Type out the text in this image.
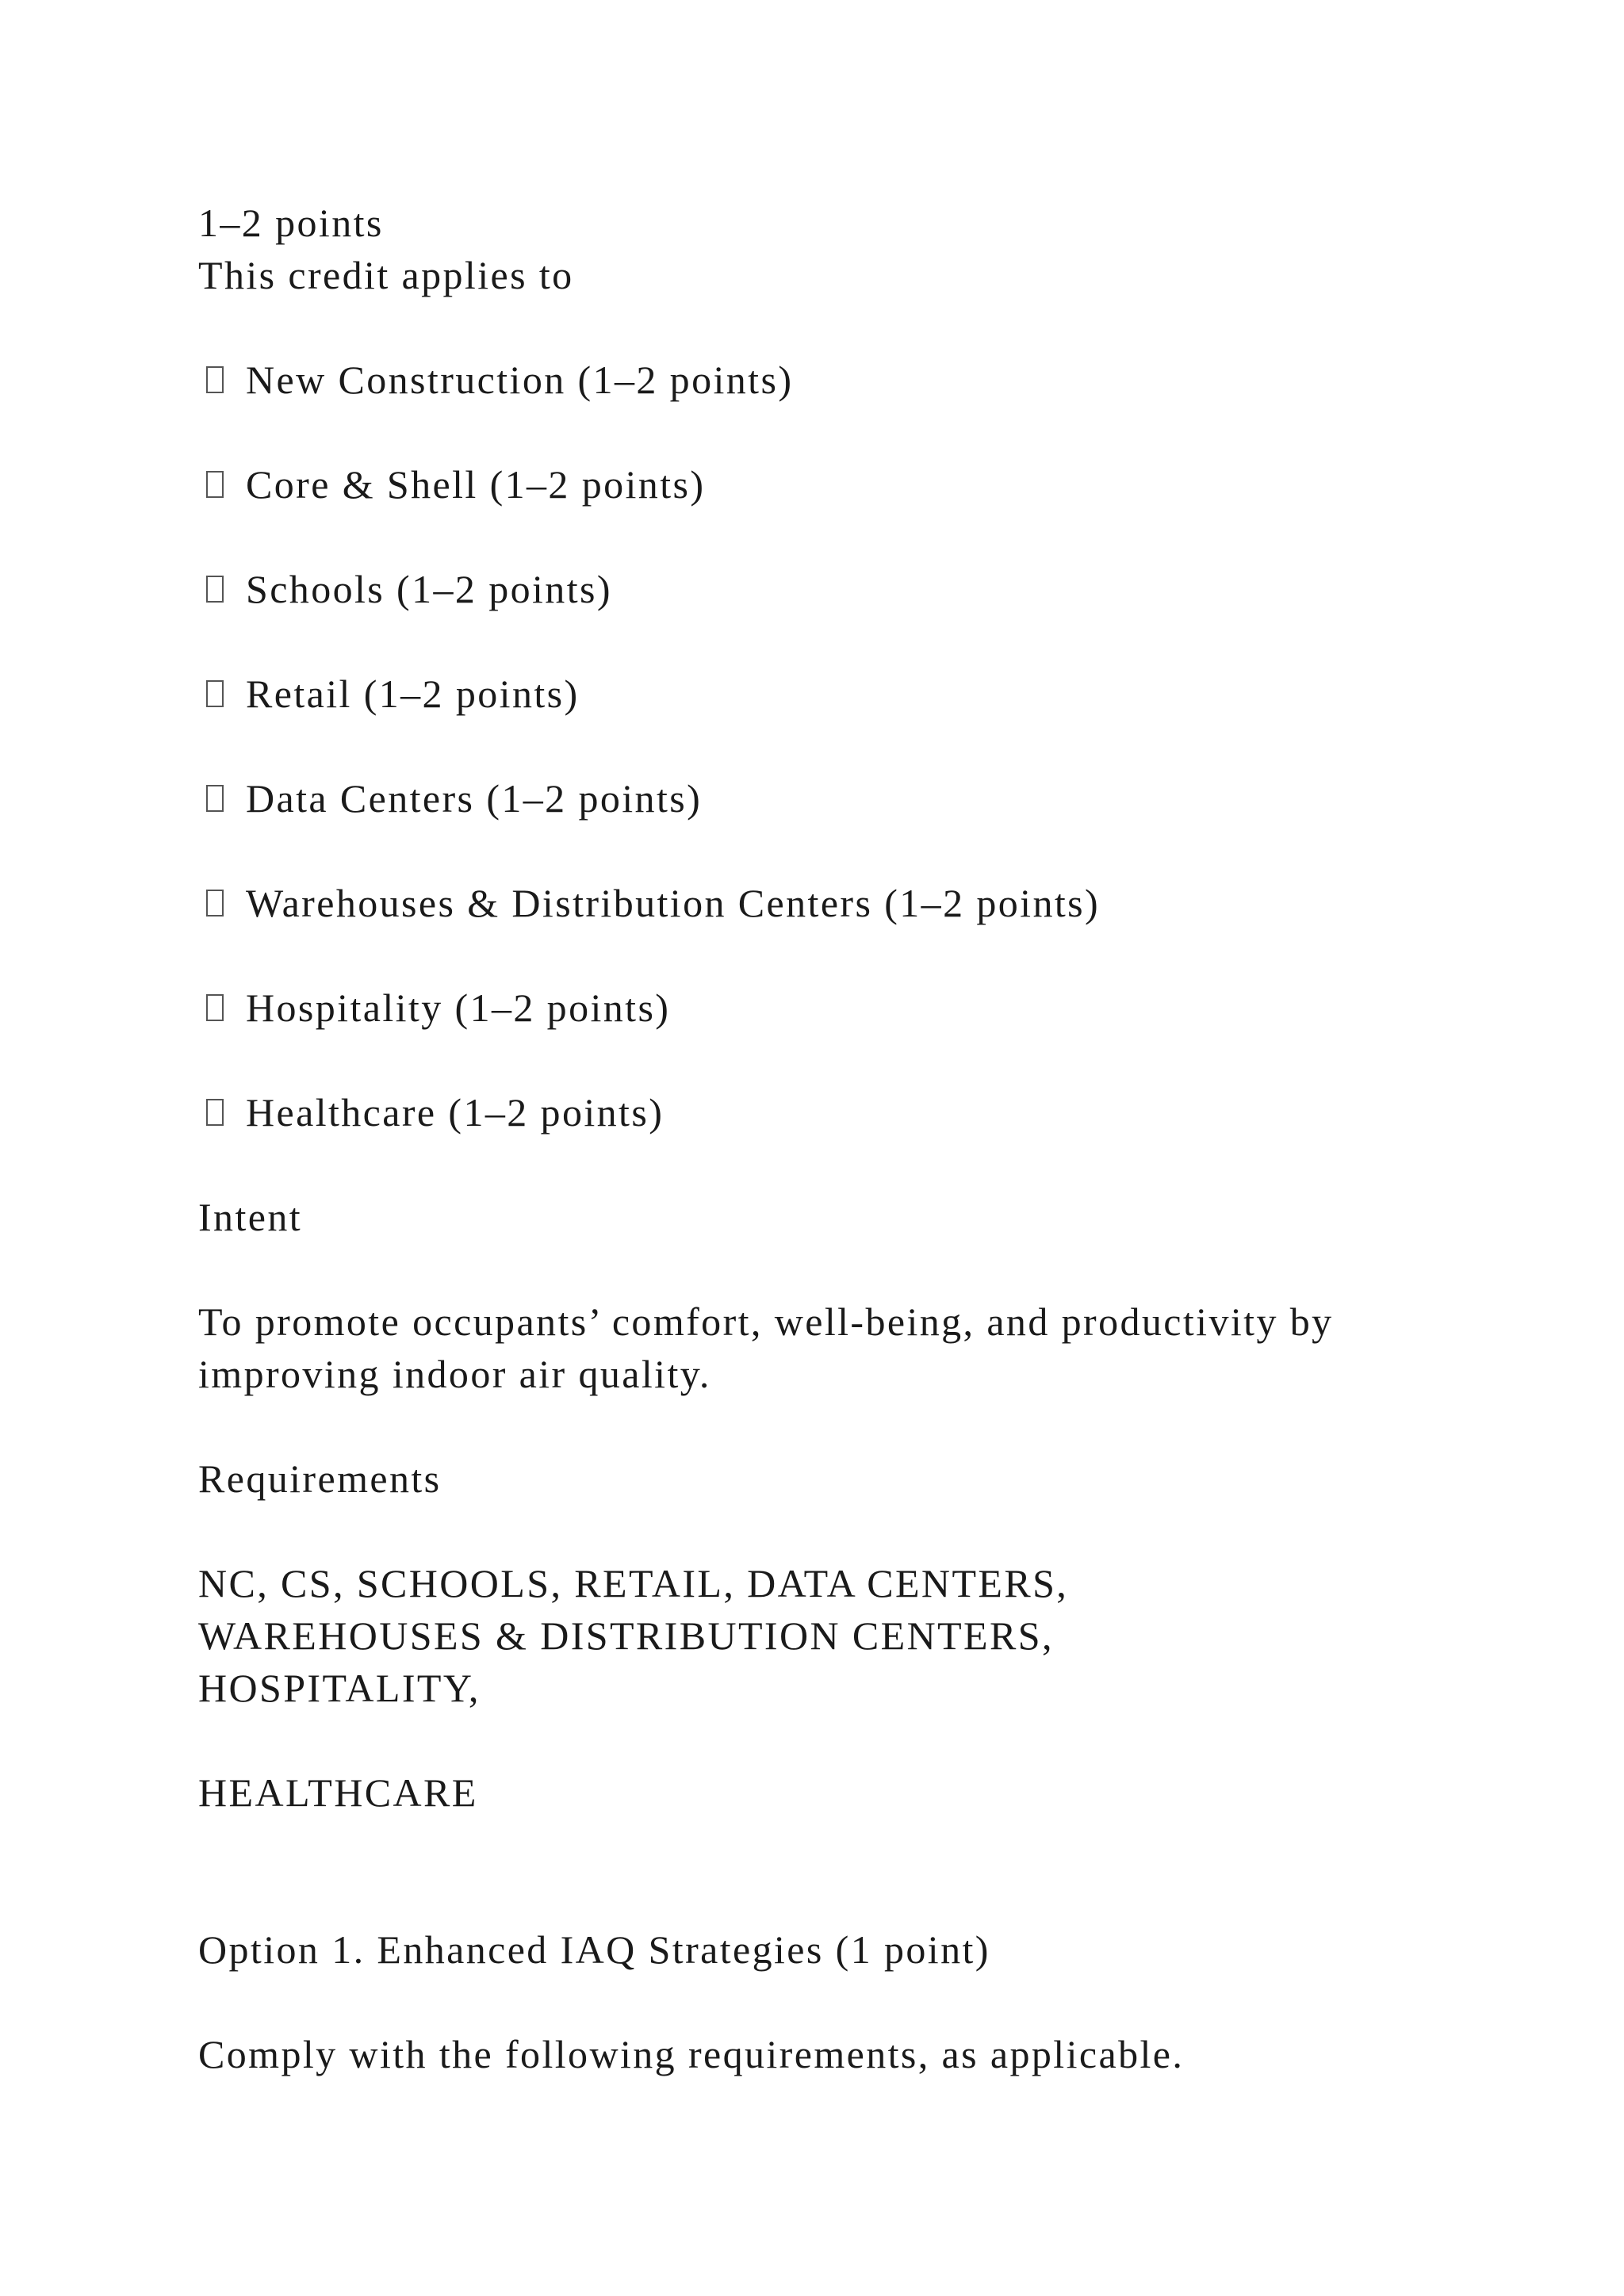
1–2 points
This credit applies to
New Construction (1–2 points)
Core & Shell (1–2 points)
Schools (1–2 points)
Retail (1–2 points)
Data Centers (1–2 points)
Warehouses & Distribution Centers (1–2 points)
Hospitality (1–2 points)
Healthcare (1–2 points)
Intent
To promote occupants’ comfort, well-being, and productivity by
improving indoor air quality.
Requirements
NC, CS, SCHOOLS, RETAIL, DATA CENTERS,
WAREHOUSES & DISTRIBUTION CENTERS,
HOSPITALITY,
HEALTHCARE
Option 1. Enhanced IAQ Strategies (1 point)
Comply with the following requirements, as applicable.
